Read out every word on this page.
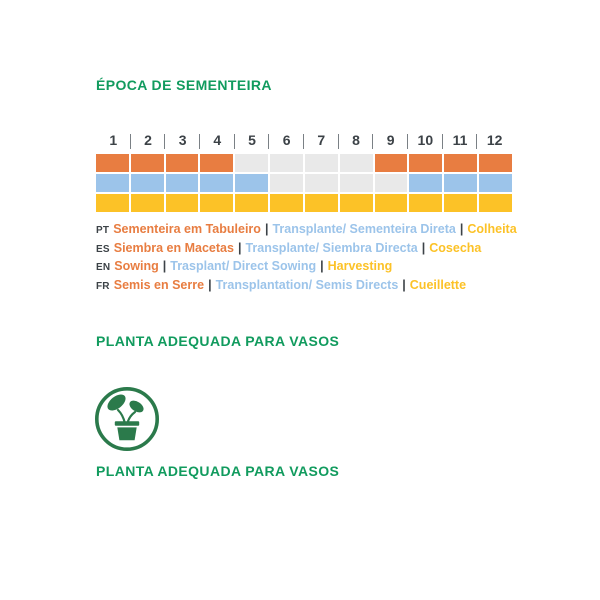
ÉPOCA DE SEMENTEIRA
1	2	3	4	5	6	7	8	9	10	11	12
PT Sementeira em Tabuleiro | Transplante/ Sementeira Direta | Colheita
ES Siembra en Macetas | Transplante/ Siembra Directa | Cosecha
EN Sowing | Trasplant/ Direct Sowing | Harvesting
FR Semis en Serre | Transplantation/ Semis Directs | Cueillette
PLANTA ADEQUADA PARA VASOS
PLANTA ADEQUADA PARA VASOS
